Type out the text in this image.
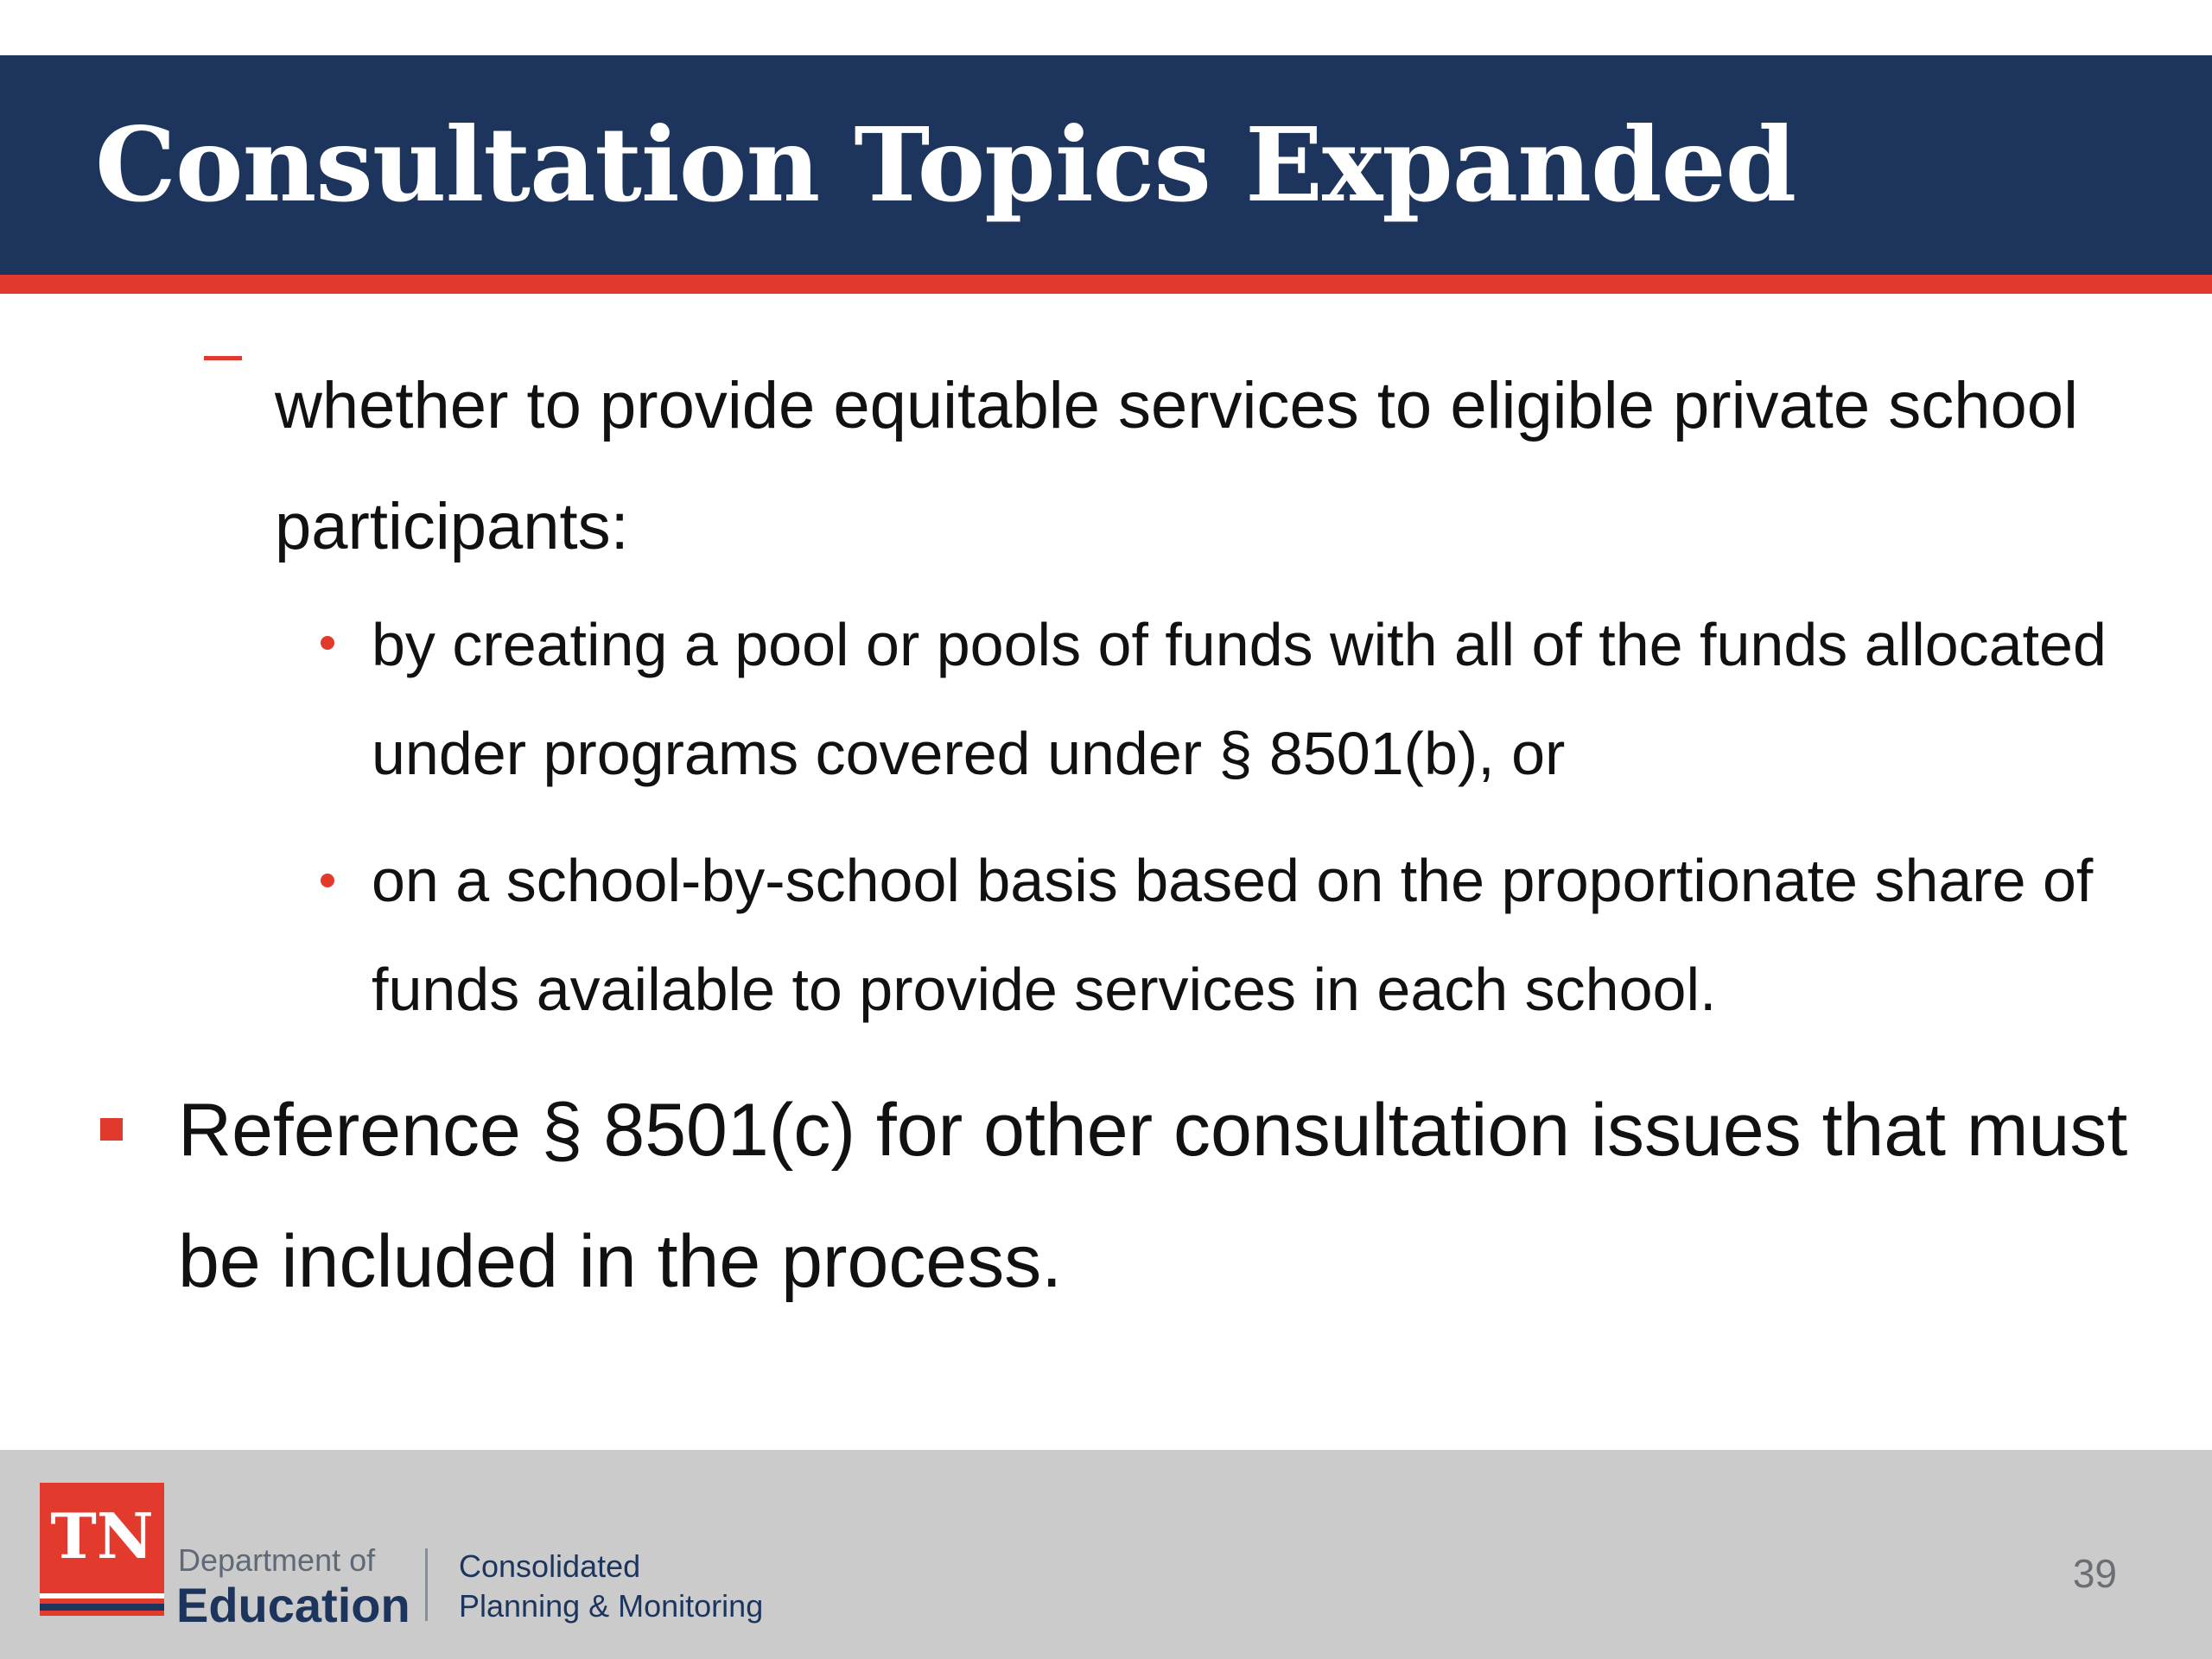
Consultation Topics Expanded

whether to provide equitable services to eligible private school participants:

by creating a pool or pools of funds with all of the funds allocated under programs covered under § 8501(b), or

on a school-by-school basis based on the proportionate share of funds available to provide services in each school.

Reference § 8501(c) for other consultation issues that must be included in the process.

TN Department of
Education
Consolidated
Planning & Monitoring
39
